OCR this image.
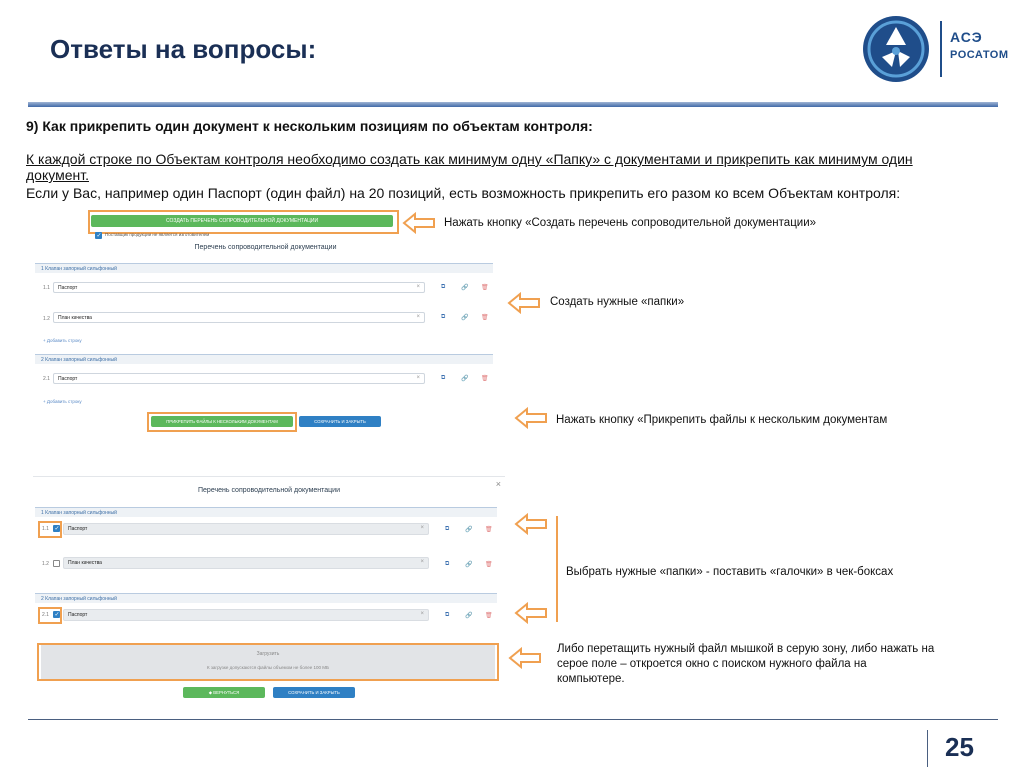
Ответы на вопросы:	АСЭ
РОСАТОМ
9) Как прикрепить один документ к нескольким позициям по объектам контроля:
К каждой строке по Объектам контроля необходимо создать как минимум одну «Папку» с документами и прикрепить как минимум один документ.
Если у Вас, например один Паспорт (один файл) на 20 позиций, есть возможность прикрепить его разом ко всем Объектам контроля:
СОЗДАТЬ ПЕРЕЧЕНЬ СОПРОВОДИТЕЛЬНОЙ ДОКУМЕНТАЦИИ
✓
Поставщик продукции не является изготовителем
Перечень сопроводительной документации
1 Клапан запорный сильфонный
1.1	Паспорт	×	⧉	🔗 🗑
1.2	План качества	×	⧉	🔗 🗑
+ Добавить строку
2 Клапан запорный сильфонный
2.1	Паспорт	×	⧉	🔗 🗑
+ Добавить строку
ПРИКРЕПИТЬ ФАЙЛЫ К НЕСКОЛЬКИМ ДОКУМЕНТАМ	СОХРАНИТЬ И ЗАКРЫТЬ
×
Перечень сопроводительной документации
1 Клапан запорный сильфонный
1.1 ✓	Паспорт	×	⧉	🔗 🗑
1.2	План качества	×	⧉	🔗 🗑
2 Клапан запорный сильфонный
2.1 ✓	Паспорт	×	⧉	🔗 🗑
Загрузить
К загрузке допускаются файлы объемом не более 100 МБ
◆ ВЕРНУТЬСЯ	СОХРАНИТЬ И ЗАКРЫТЬ
Нажать кнопку «Создать перечень сопроводительной документации»
Создать нужные «папки»
Нажать кнопку «Прикрепить файлы к нескольким документам
Выбрать нужные «папки» - поставить «галочки» в чек-боксах
Либо перетащить нужный файл мышкой в серую зону, либо нажать на серое поле – откроется окно с поиском нужного файла на компьютере.
25
